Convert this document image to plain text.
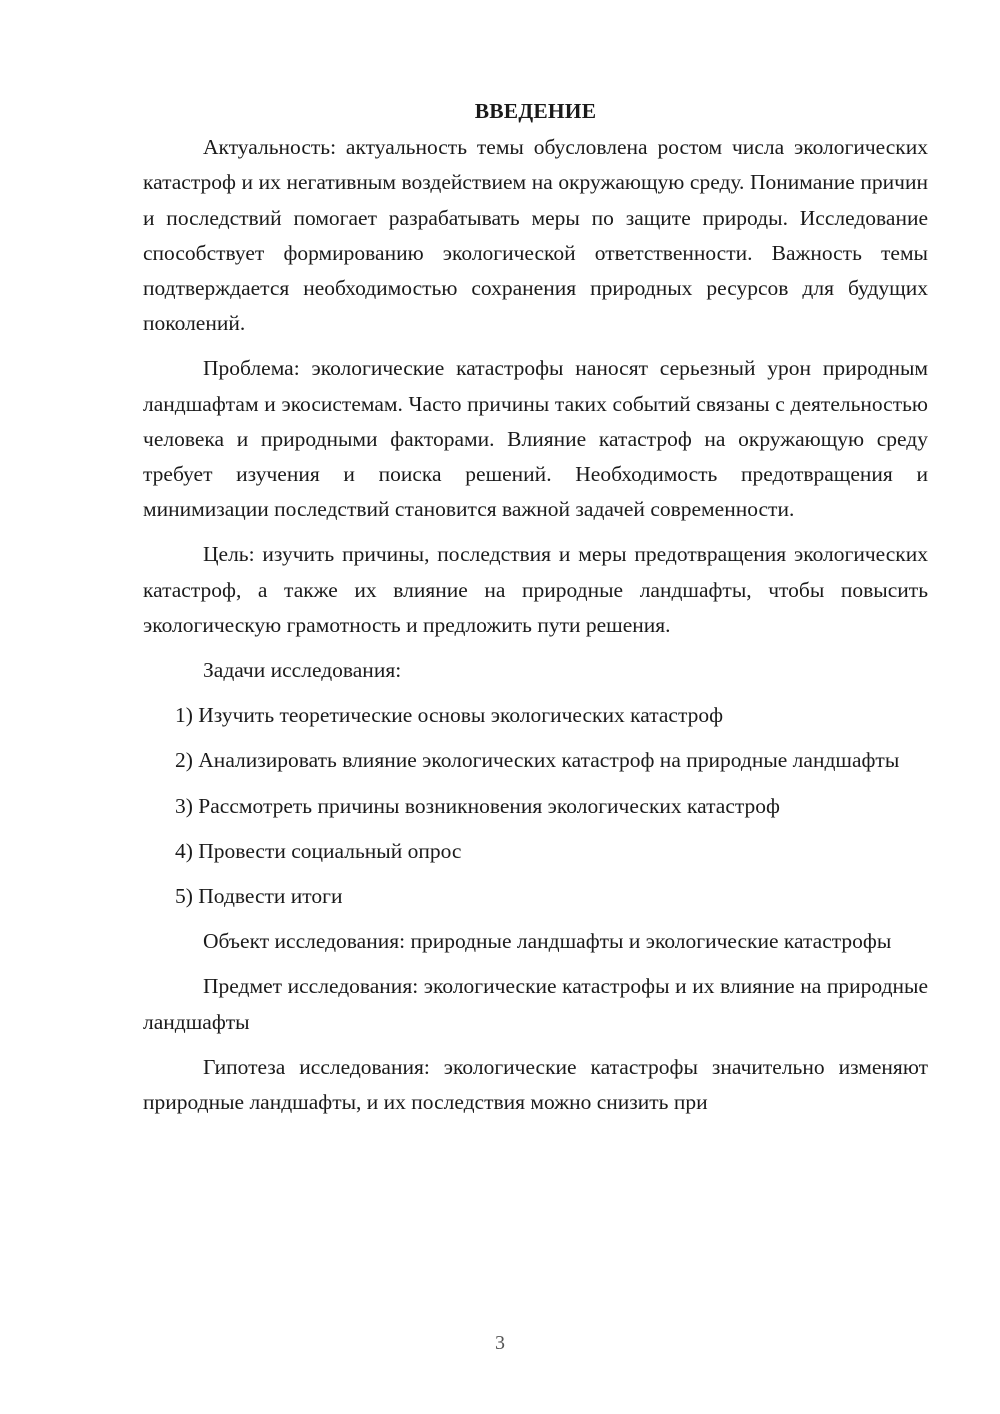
ВВЕДЕНИЕ

Актуальность: актуальность темы обусловлена ростом числа экологических катастроф и их негативным воздействием на окружающую среду. Понимание причин и последствий помогает разрабатывать меры по защите природы. Исследование способствует формированию экологической ответственности. Важность темы подтверждается необходимостью сохранения природных ресурсов для будущих поколений.

Проблема: экологические катастрофы наносят серьезный урон природным ландшафтам и экосистемам. Часто причины таких событий связаны с деятельностью человека и природными факторами. Влияние катастроф на окружающую среду требует изучения и поиска решений. Необходимость предотвращения и минимизации последствий становится важной задачей современности.

Цель: изучить причины, последствия и меры предотвращения экологических катастроф, а также их влияние на природные ландшафты, чтобы повысить экологическую грамотность и предложить пути решения.

Задачи исследования:

1) Изучить теоретические основы экологических катастроф

2) Анализировать влияние экологических катастроф на природные ландшафты

3) Рассмотреть причины возникновения экологических катастроф

4) Провести социальный опрос

5) Подвести итоги

Объект исследования: природные ландшафты и экологические катастрофы

Предмет исследования: экологические катастрофы и их влияние на природные ландшафты

Гипотеза исследования: экологические катастрофы значительно изменяют природные ландшафты, и их последствия можно снизить при

3
